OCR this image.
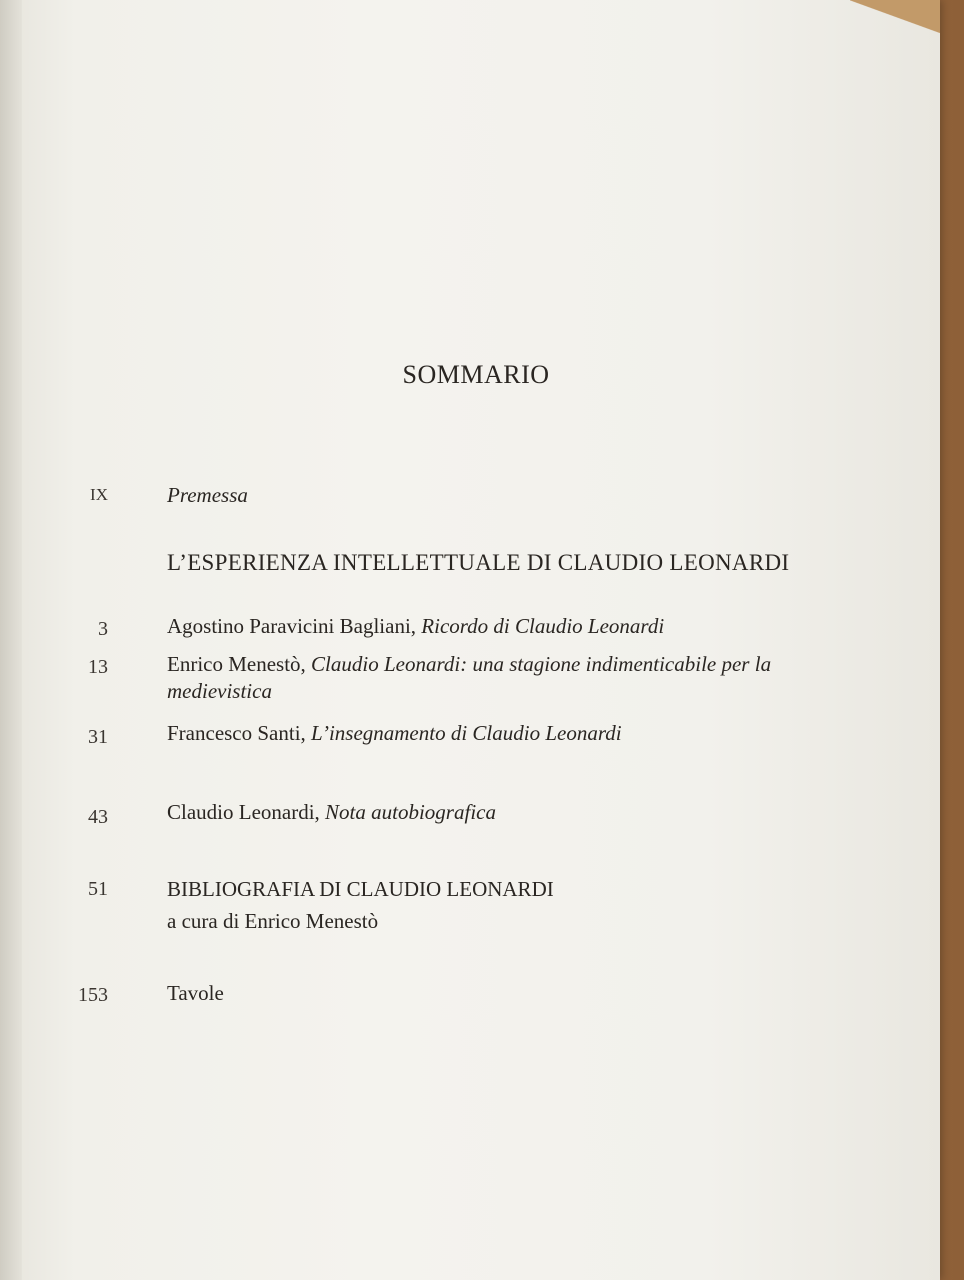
SOMMARIO
IX	Premessa
L’ESPERIENZA INTELLETTUALE DI CLAUDIO LEONARDI
3	Agostino Paravicini Bagliani, Ricordo di Claudio Leonardi
13	Enrico Menestò, Claudio Leonardi: una stagione indimenticabile per la
medievistica
31	Francesco Santi, L’insegnamento di Claudio Leonardi
43	Claudio Leonardi, Nota autobiografica
51	BIBLIOGRAFIA DI CLAUDIO LEONARDI
a cura di Enrico Menestò
153	Tavole
